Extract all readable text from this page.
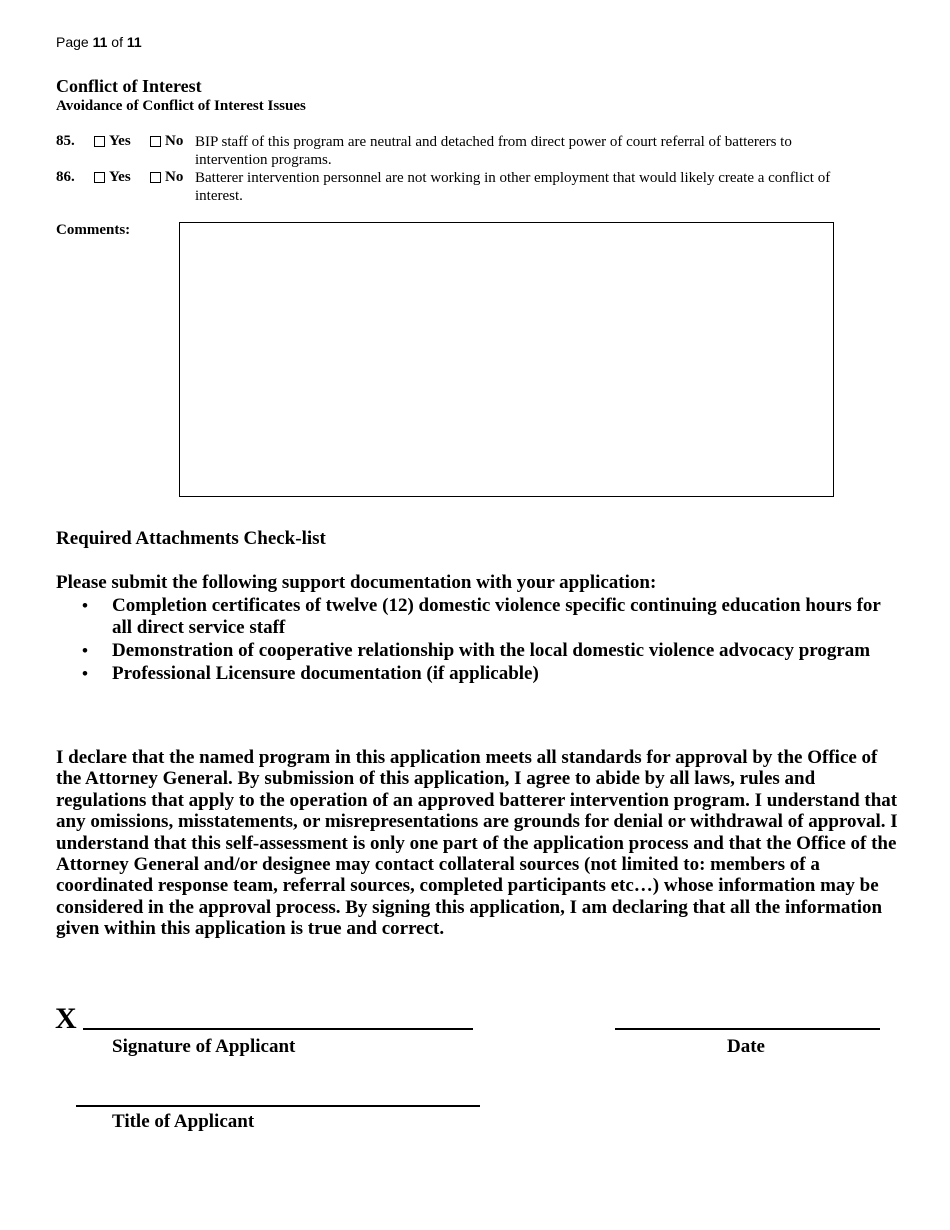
Page 11 of 11
Conflict of Interest
Avoidance of Conflict of Interest Issues
85. Yes No BIP staff of this program are neutral and detached from direct power of court referral of batterers to intervention programs.
86. Yes No Batterer intervention personnel are not working in other employment that would likely create a conflict of interest.
Comments:
Required Attachments Check-list
Please submit the following support documentation with your application:
• Completion certificates of twelve (12) domestic violence specific continuing education hours for all direct service staff
• Demonstration of cooperative relationship with the local domestic violence advocacy program
• Professional Licensure documentation (if applicable)
I declare that the named program in this application meets all standards for approval by the Office of the Attorney General. By submission of this application, I agree to abide by all laws, rules and regulations that apply to the operation of an approved batterer intervention program. I understand that any omissions, misstatements, or misrepresentations are grounds for denial or withdrawal of approval. I understand that this self-assessment is only one part of the application process and that the Office of the Attorney General and/or designee may contact collateral sources (not limited to: members of a coordinated response team, referral sources, completed participants etc…) whose information may be considered in the approval process. By signing this application, I am declaring that all the information given within this application is true and correct.
X
Signature of Applicant	Date
Title of Applicant
